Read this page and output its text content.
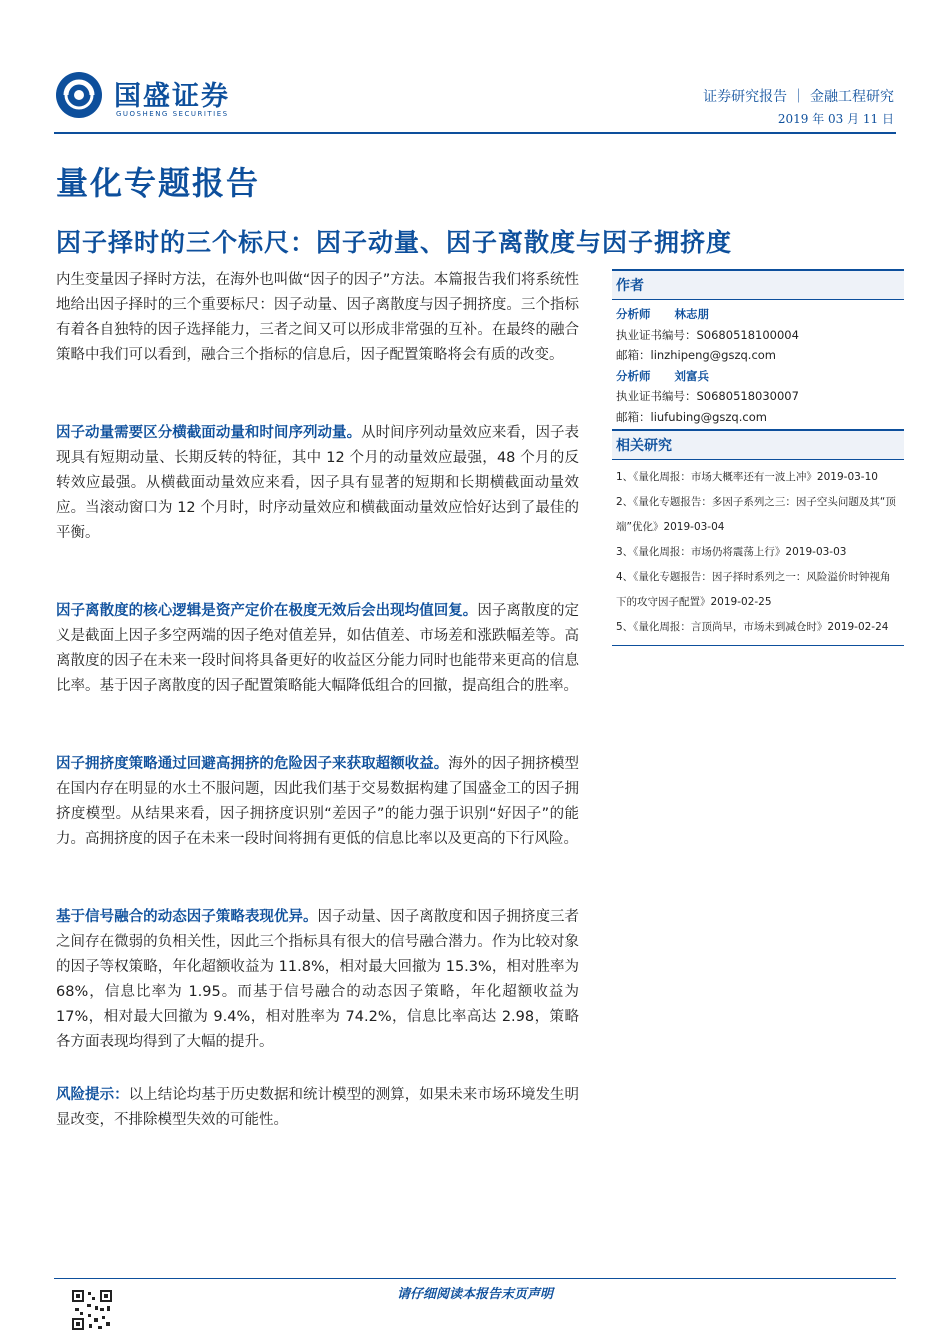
国盛证券
GUOSHENG SECURITIES
证券研究报告 ｜ 金融工程研究
2019 年 03 月 11 日
量化专题报告
因子择时的三个标尺：因子动量、因子离散度与因子拥挤度

内生变量因子择时方法，在海外也叫做“因子的因子”方法。本篇报告我们将系统性地给出因子择时的三个重要标尺：因子动量、因子离散度与因子拥挤度。三个指标有着各自独特的因子选择能力，三者之间又可以形成非常强的互补。在最终的融合策略中我们可以看到，融合三个指标的信息后，因子配置策略将会有质的改变。

因子动量需要区分横截面动量和时间序列动量。从时间序列动量效应来看，因子表现具有短期动量、长期反转的特征，其中 12 个月的动量效应最强，48 个月的反转效应最强。从横截面动量效应来看，因子具有显著的短期和长期横截面动量效应。当滚动窗口为 12 个月时，时序动量效应和横截面动量效应恰好达到了最佳的平衡。

因子离散度的核心逻辑是资产定价在极度无效后会出现均值回复。因子离散度的定义是截面上因子多空两端的因子绝对值差异，如估值差、市场差和涨跌幅差等。高离散度的因子在未来一段时间将具备更好的收益区分能力同时也能带来更高的信息比率。基于因子离散度的因子配置策略能大幅降低组合的回撤，提高组合的胜率。

因子拥挤度策略通过回避高拥挤的危险因子来获取超额收益。海外的因子拥挤模型在国内存在明显的水土不服问题，因此我们基于交易数据构建了国盛金工的因子拥挤度模型。从结果来看，因子拥挤度识别“差因子”的能力强于识别“好因子”的能力。高拥挤度的因子在未来一段时间将拥有更低的信息比率以及更高的下行风险。

基于信号融合的动态因子策略表现优异。因子动量、因子离散度和因子拥挤度三者之间存在微弱的负相关性，因此三个指标具有很大的信号融合潜力。作为比较对象的因子等权策略，年化超额收益为 11.8%，相对最大回撤为 15.3%，相对胜率为 68%，信息比率为 1.95。而基于信号融合的动态因子策略，年化超额收益为 17%，相对最大回撤为 9.4%，相对胜率为 74.2%，信息比率高达 2.98，策略各方面表现均得到了大幅的提升。

风险提示：以上结论均基于历史数据和统计模型的测算，如果未来市场环境发生明显改变，不排除模型失效的可能性。

作者
分析师 林志朋
执业证书编号：S0680518100004
邮箱：linzhipeng@gszq.com
分析师 刘富兵
执业证书编号：S0680518030007
邮箱：liufubing@gszq.com
相关研究
1、《量化周报：市场大概率还有一波上冲》2019-03-10
2、《量化专题报告：多因子系列之三：因子空头问题及其“顶端”优化》2019-03-04
3、《量化周报：市场仍将震荡上行》2019-03-03
4、《量化专题报告：因子择时系列之一：风险溢价时钟视角下的攻守因子配置》2019-02-25
5、《量化周报：言顶尚早，市场未到减仓时》2019-02-24
请仔细阅读本报告末页声明
